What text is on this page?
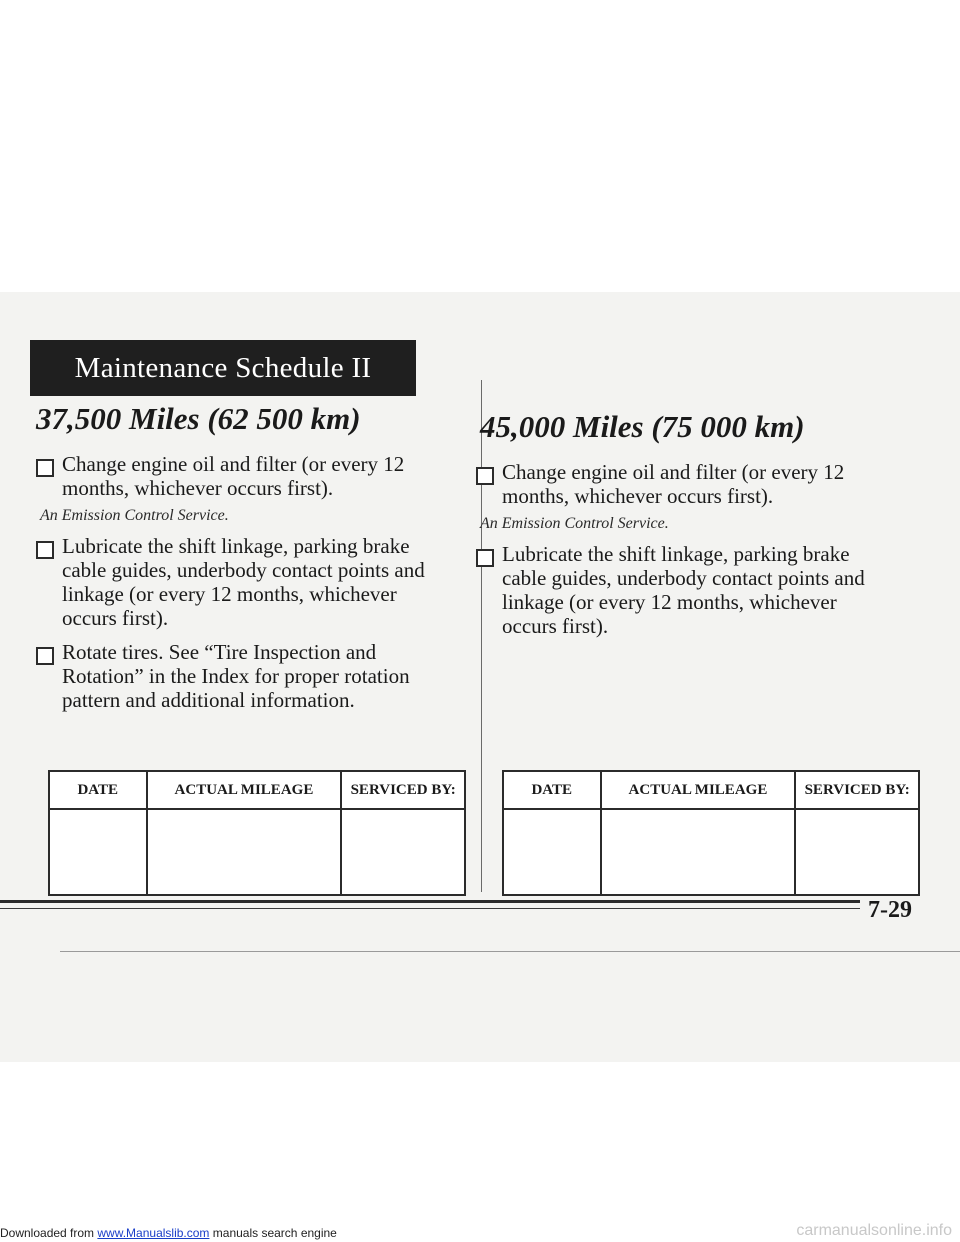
Maintenance Schedule II
37,500 Miles (62 500 km)
Change engine oil and filter (or every 12 months, whichever occurs first).
An Emission Control Service.
Lubricate the shift linkage, parking brake cable guides, underbody contact points and linkage (or every 12 months, whichever occurs first).
Rotate tires. See “Tire Inspection and Rotation” in the Index for proper rotation pattern and additional information.
45,000 Miles (75 000 km)
Change engine oil and filter (or every 12 months, whichever occurs first).
An Emission Control Service.
Lubricate the shift linkage, parking brake cable guides, underbody contact points and linkage (or every 12 months, whichever occurs first).
DATE	ACTUAL MILEAGE	SERVICED BY:
			DATE	ACTUAL MILEAGE	SERVICED BY:

7-29
Downloaded from www.Manualslib.com manuals search engine	carmanualsonline.info
